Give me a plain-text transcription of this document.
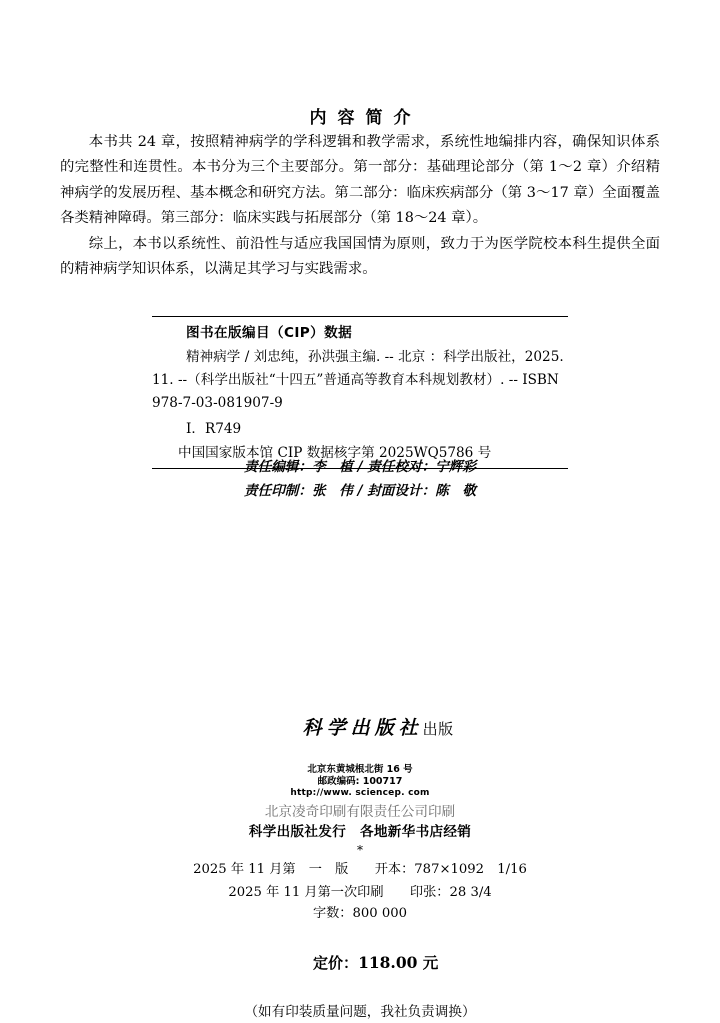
内容简介

本书共 24 章，按照精神病学的学科逻辑和教学需求，系统性地编排内容，确保知识体系的完整性和连贯性。本书分为三个主要部分。第一部分：基础理论部分（第 1～2 章）介绍精神病学的发展历程、基本概念和研究方法。第二部分：临床疾病部分（第 3～17 章）全面覆盖各类精神障碍。第三部分：临床实践与拓展部分（第 18～24 章）。

综上，本书以系统性、前沿性与适应我国国情为原则，致力于为医学院校本科生提供全面的精神病学知识体系，以满足其学习与实践需求。

图书在版编目（CIP）数据
精神病学 / 刘忠纯，孙洪强主编. -- 北京 ：科学出版社，2025.
11. --（科学出版社“十四五”普通高等教育本科规划教材）. -- ISBN
978-7-03-081907-9
Ⅰ．R749
中国国家版本馆 CIP 数据核字第 2025WQ5786 号
责任编辑：李　植 / 责任校对：宁辉彩
责任印制：张　伟 / 封面设计：陈　敬

科学出版社出版

北京东黄城根北街 16 号
邮政编码: 100717
http://www. sciencep. com
北京凌奇印刷有限责任公司印刷
科学出版社发行　各地新华书店经销
*
2025 年 11 月第　一　版　　开本：787×1092　1/16
2025 年 11 月第一次印刷　　印张：28 3/4
字数：800 000

定价：118.00 元

（如有印装质量问题，我社负责调换）
